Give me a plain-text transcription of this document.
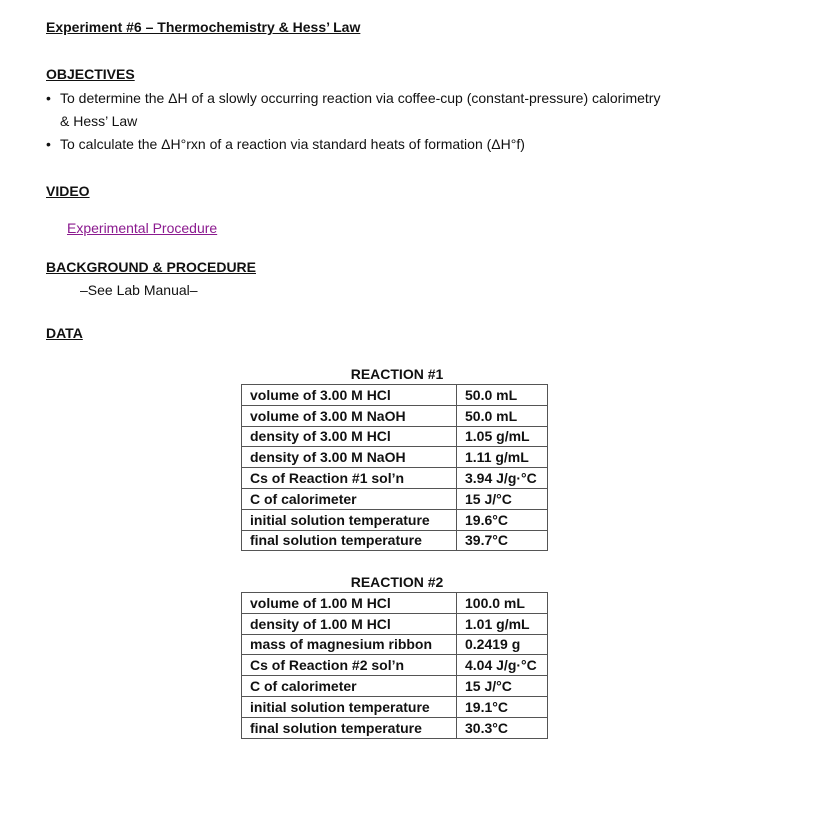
Experiment #6 – Thermochemistry & Hess’ Law
OBJECTIVES
• To determine the ΔH of a slowly occurring reaction via coffee-cup (constant-pressure) calorimetry
& Hess’ Law
• To calculate the ΔH°rxn of a reaction via standard heats of formation (ΔH°f)
VIDEO
Experimental Procedure
BACKGROUND & PROCEDURE
–See Lab Manual–
DATA
REACTION #1
volume of 3.00 M HCl	50.0 mL
volume of 3.00 M NaOH	50.0 mL
density of 3.00 M HCl	1.05 g/mL
density of 3.00 M NaOH	1.11 g/mL
Cs of Reaction #1 sol’n	3.94 J/g·°C
C of calorimeter	15 J/°C
initial solution temperature	19.6°C
final solution temperature	39.7°C
REACTION #2
volume of 1.00 M HCl	100.0 mL
density of 1.00 M HCl	1.01 g/mL
mass of magnesium ribbon	0.2419 g
Cs of Reaction #2 sol’n	4.04 J/g·°C
C of calorimeter	15 J/°C
initial solution temperature	19.1°C
final solution temperature	30.3°C
